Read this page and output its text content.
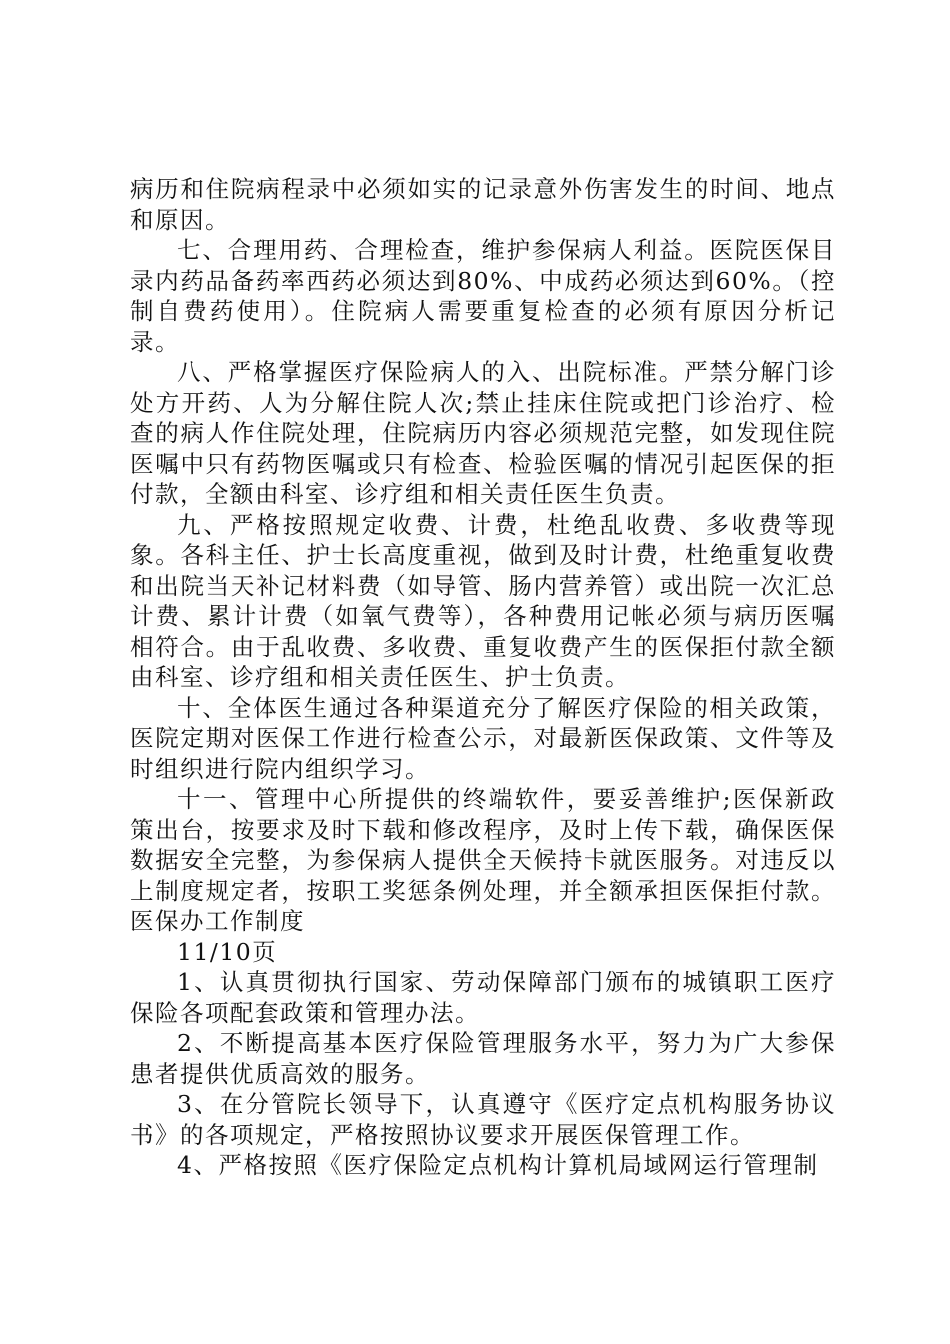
病历和住院病程录中必须如实的记录意外伤害发生的时间、地点和原因。

七、合理用药、合理检查，维护参保病人利益。医院医保目录内药品备药率西药必须达到80%、中成药必须达到60%。（控制自费药使用）。住院病人需要重复检查的必须有原因分析记录。

八、严格掌握医疗保险病人的入、出院标准。严禁分解门诊处方开药、人为分解住院人次;禁止挂床住院或把门诊治疗、检查的病人作住院处理，住院病历内容必须规范完整，如发现住院医嘱中只有药物医嘱或只有检查、检验医嘱的情况引起医保的拒付款，全额由科室、诊疗组和相关责任医生负责。

九、严格按照规定收费、计费，杜绝乱收费、多收费等现象。各科主任、护士长高度重视，做到及时计费，杜绝重复收费和出院当天补记材料费（如导管、肠内营养管）或出院一次汇总计费、累计计费（如氧气费等），各种费用记帐必须与病历医嘱相符合。由于乱收费、多收费、重复收费产生的医保拒付款全额由科室、诊疗组和相关责任医生、护士负责。

十、全体医生通过各种渠道充分了解医疗保险的相关政策，医院定期对医保工作进行检查公示，对最新医保政策、文件等及时组织进行院内组织学习。

十一、管理中心所提供的终端软件，要妥善维护;医保新政策出台，按要求及时下载和修改程序，及时上传下载，确保医保数据安全完整，为参保病人提供全天候持卡就医服务。对违反以上制度规定者，按职工奖惩条例处理，并全额承担医保拒付款。医保办工作制度

11/10页

1、认真贯彻执行国家、劳动保障部门颁布的城镇职工医疗保险各项配套政策和管理办法。

2、不断提高基本医疗保险管理服务水平，努力为广大参保患者提供优质高效的服务。

3、在分管院长领导下，认真遵守《医疗定点机构服务协议书》的各项规定，严格按照协议要求开展医保管理工作。

4、严格按照《医疗保险定点机构计算机局域网运行管理制
